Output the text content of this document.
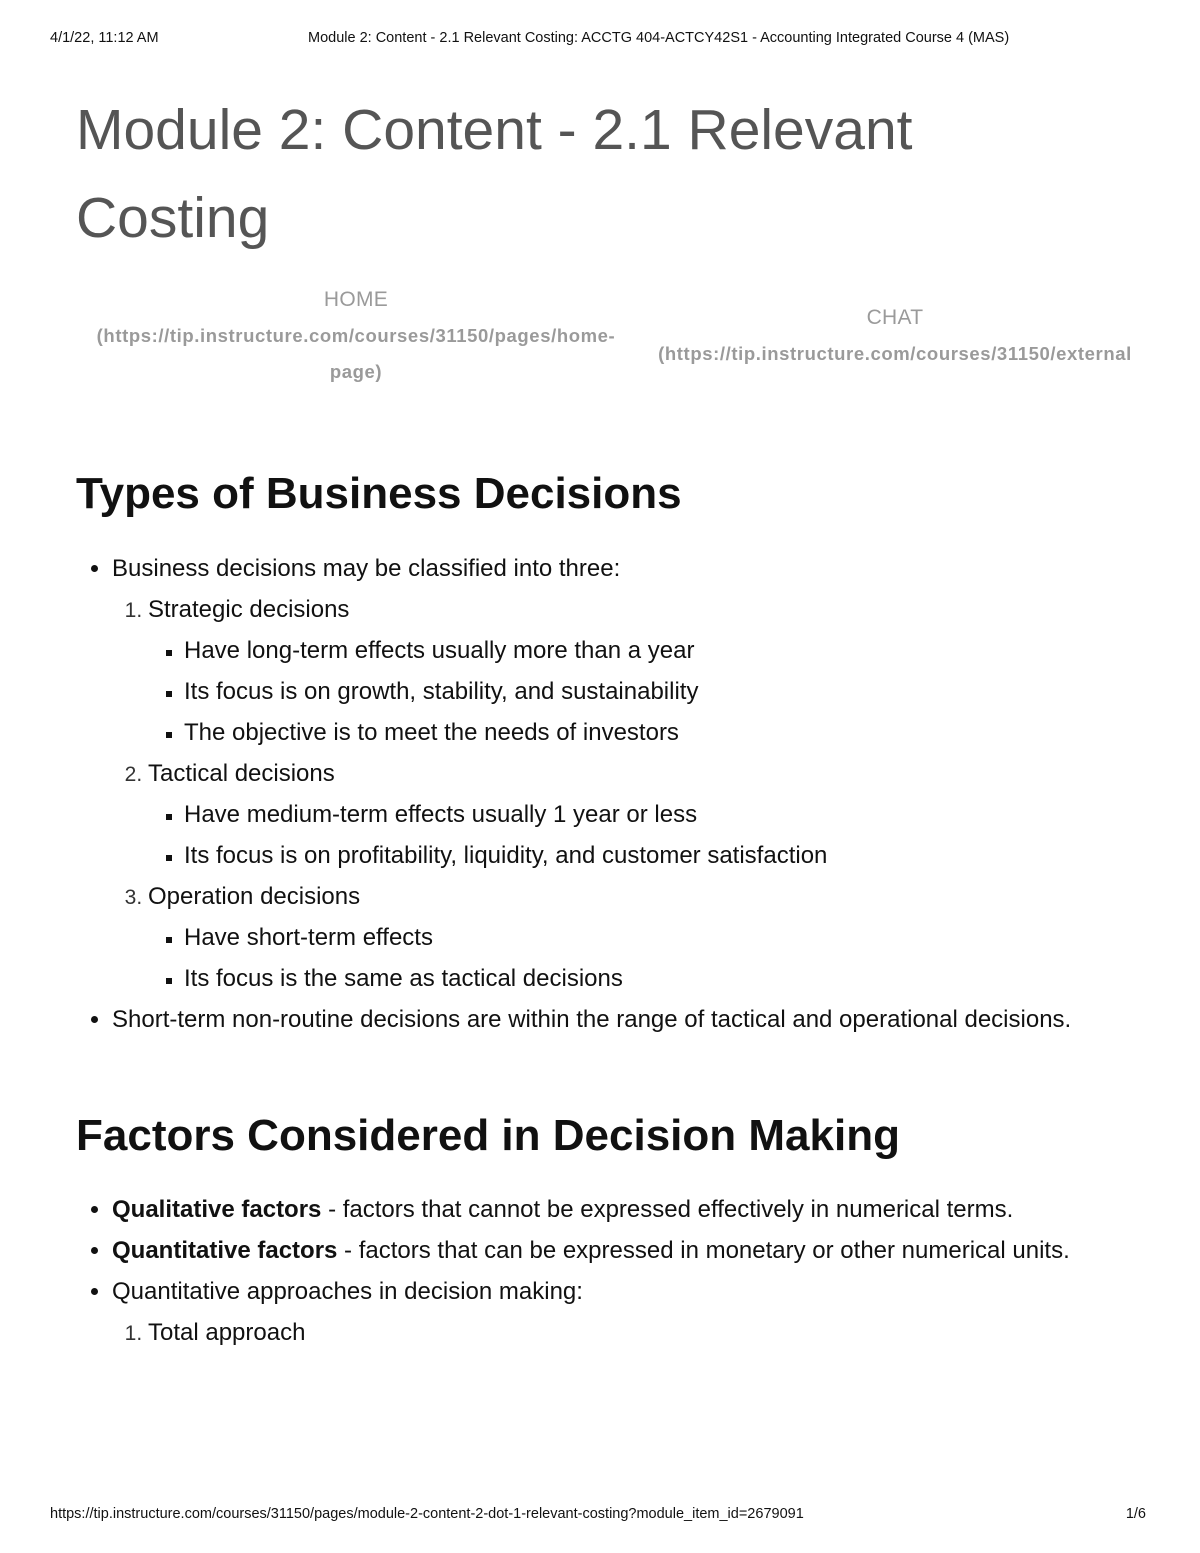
4/1/22, 11:12 AM	Module 2: Content - 2.1 Relevant Costing: ACCTG 404-ACTCY42S1 - Accounting Integrated Course 4 (MAS)
Module 2: Content - 2.1 Relevant
Costing
HOME
(https://tip.instructure.com/courses/31150/pages/home-
page)
CHAT
(https://tip.instructure.com/courses/31150/external
Types of Business Decisions
• Business decisions may be classified into three:
1. Strategic decisions
▪ Have long-term effects usually more than a year
▪ Its focus is on growth, stability, and sustainability
▪ The objective is to meet the needs of investors
2. Tactical decisions
▪ Have medium-term effects usually 1 year or less
▪ Its focus is on profitability, liquidity, and customer satisfaction
3. Operation decisions
▪ Have short-term effects
▪ Its focus is the same as tactical decisions
• Short-term non-routine decisions are within the range of tactical and operational decisions.
Factors Considered in Decision Making
• Qualitative factors - factors that cannot be expressed effectively in numerical terms.
• Quantitative factors - factors that can be expressed in monetary or other numerical units.
• Quantitative approaches in decision making:
1. Total approach
https://tip.instructure.com/courses/31150/pages/module-2-content-2-dot-1-relevant-costing?module_item_id=2679091	1/6
